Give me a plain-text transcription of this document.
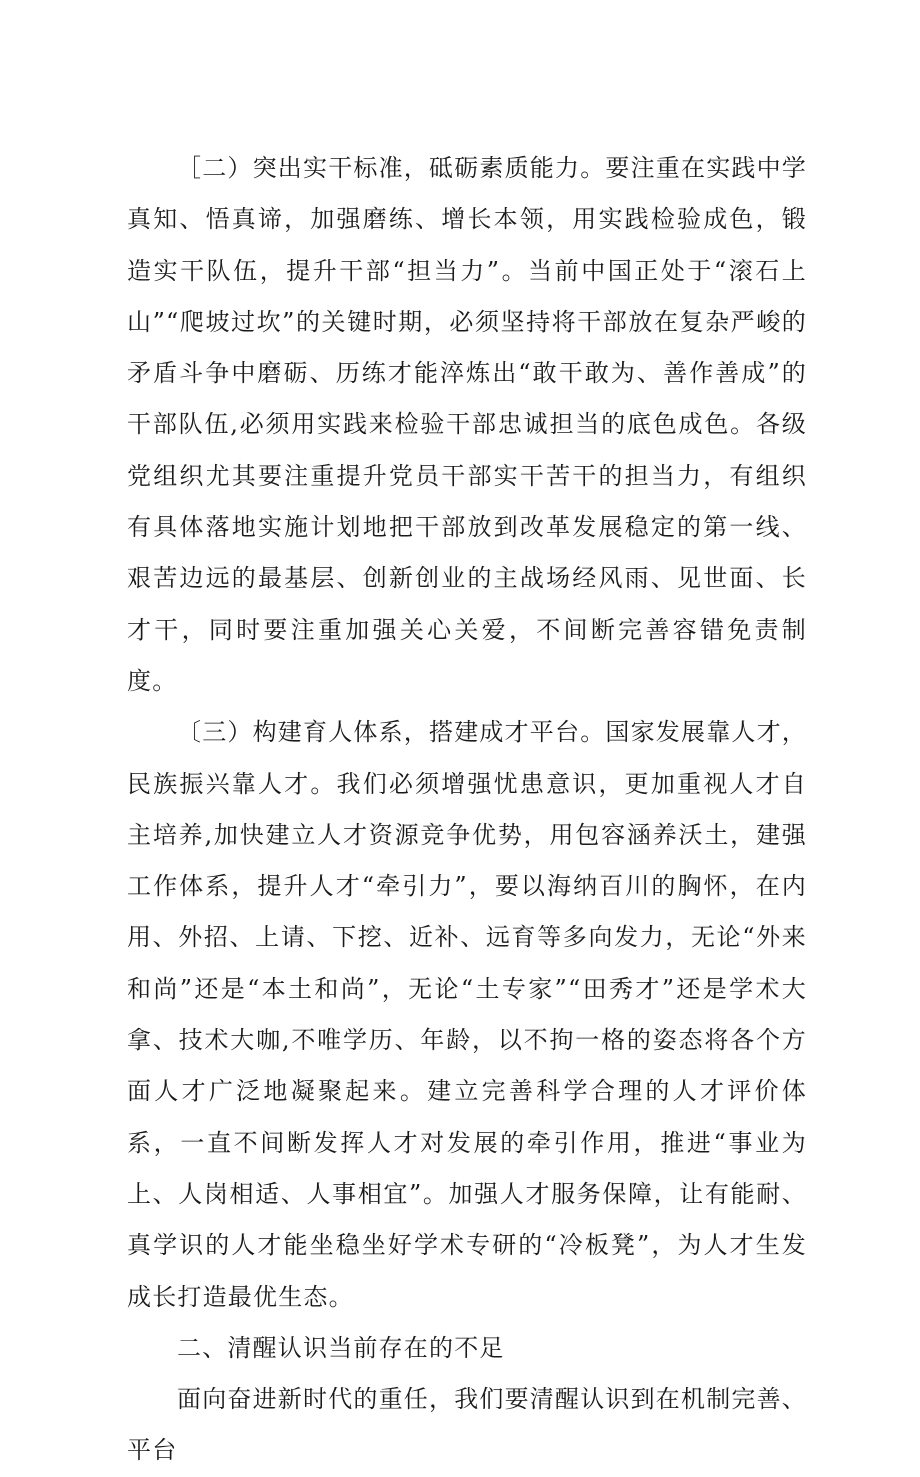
［二）突出实干标准，砥砺素质能力。要注重在实践中学真知、悟真谛，加强磨练、增长本领，用实践检验成色，锻造实干队伍，提升干部“担当力”。当前中国正处于“滚石上山”“爬坡过坎”的关键时期，必须坚持将干部放在复杂严峻的矛盾斗争中磨砺、历练才能淬炼出“敢干敢为、善作善成”的干部队伍,必须用实践来检验干部忠诚担当的底色成色。各级党组织尤其要注重提升党员干部实干苦干的担当力，有组织有具体落地实施计划地把干部放到改革发展稳定的第一线、艰苦边远的最基层、创新创业的主战场经风雨、见世面、长才干，同时要注重加强关心关爱，不间断完善容错免责制度。

〔三）构建育人体系，搭建成才平台。国家发展靠人才，民族振兴靠人才。我们必须增强忧患意识，更加重视人才自主培养,加快建立人才资源竞争优势，用包容涵养沃土，建强工作体系，提升人才“牵引力”，要以海纳百川的胸怀，在内用、外招、上请、下挖、近补、远育等多向发力，无论“外来和尚”还是“本土和尚”，无论“土专家”“田秀才”还是学术大拿、技术大咖,不唯学历、年龄，以不拘一格的姿态将各个方面人才广泛地凝聚起来。建立完善科学合理的人才评价体系，一直不间断发挥人才对发展的牵引作用，推进“事业为上、人岗相适、人事相宜”。加强人才服务保障，让有能耐、真学识的人才能坐稳坐好学术专研的“冷板凳”，为人才生发成长打造最优生态。

二、清醒认识当前存在的不足

面向奋进新时代的重任，我们要清醒认识到在机制完善、平台
